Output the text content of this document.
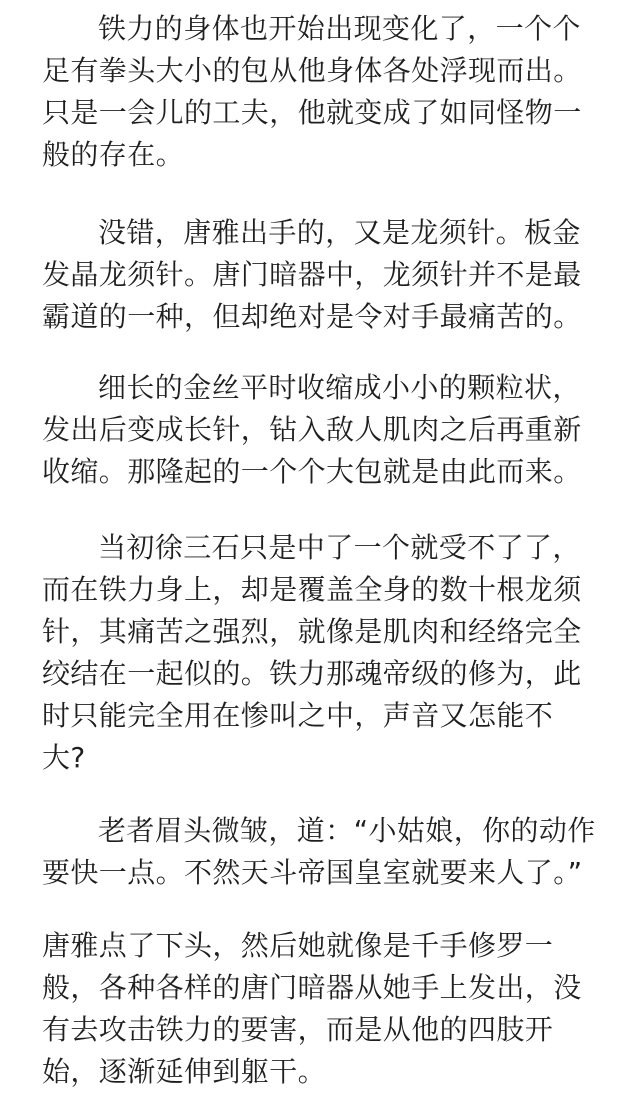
铁力的身体也开始出现变化了，一个个
足有拳头大小的包从他身体各处浮现而出。
只是一会儿的工夫，他就变成了如同怪物一
般的存在。
没错，唐雅出手的，又是龙须针。板金
发晶龙须针。唐门暗器中，龙须针并不是最
霸道的一种，但却绝对是令对手最痛苦的。
细长的金丝平时收缩成小小的颗粒状，
发出后变成长针，钻入敌人肌肉之后再重新
收缩。那隆起的一个个大包就是由此而来。
当初徐三石只是中了一个就受不了了，
而在铁力身上，却是覆盖全身的数十根龙须
针，其痛苦之强烈，就像是肌肉和经络完全
绞结在一起似的。铁力那魂帝级的修为，此
时只能完全用在惨叫之中，声音又怎能不
大?
老者眉头微皱，道：“小姑娘，你的动作
要快一点。不然天斗帝国皇室就要来人了。”
唐雅点了下头，然后她就像是千手修罗一
般，各种各样的唐门暗器从她手上发出，没
有去攻击铁力的要害，而是从他的四肢开
始，逐渐延伸到躯干。
